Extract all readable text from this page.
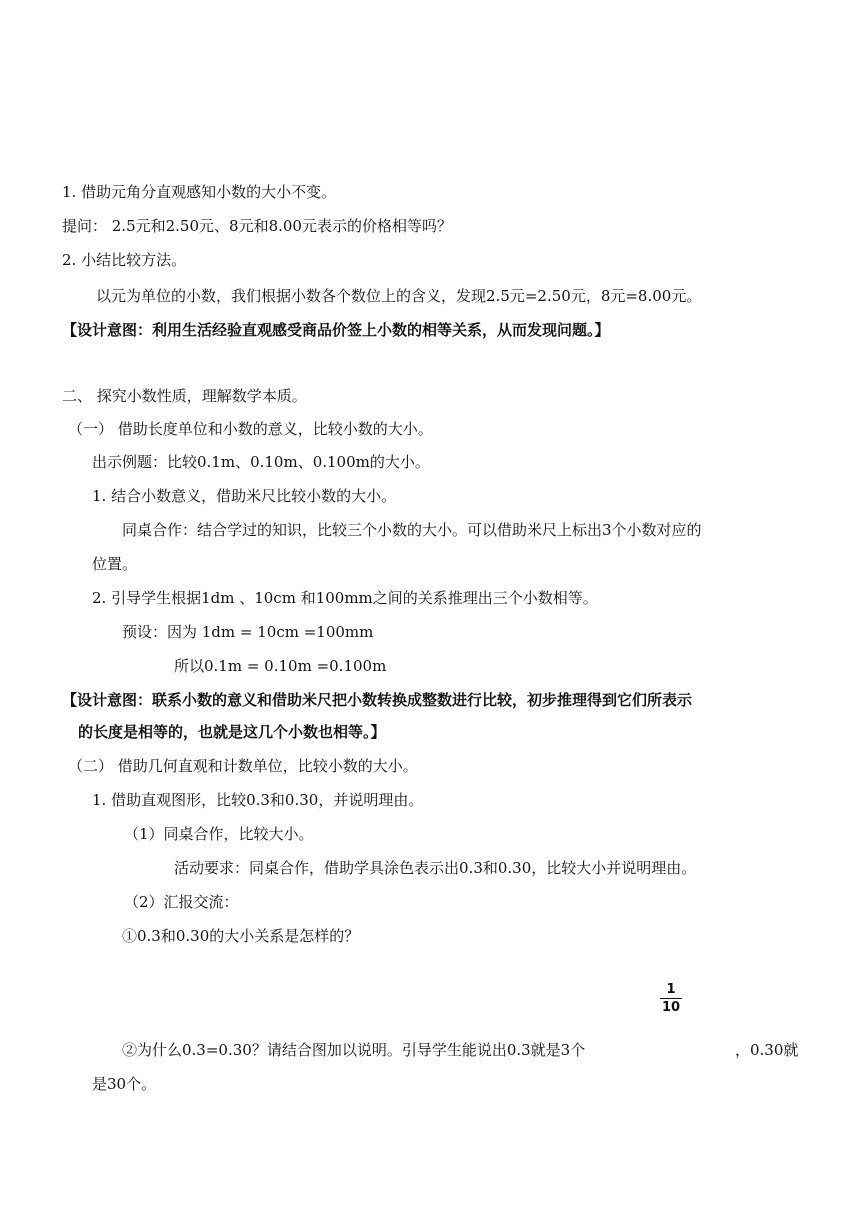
1. 借助元角分直观感知小数的大小不变。
提问： 2.5元和2.50元、8元和8.00元表示的价格相等吗？
2. 小结比较方法。
以元为单位的小数，我们根据小数各个数位上的含义，发现2.5元=2.50元，8元=8.00元。
【设计意图：利用生活经验直观感受商品价签上小数的相等关系，从而发现问题。】
二、 探究小数性质，理解数学本质。
（一） 借助长度单位和小数的意义，比较小数的大小。
出示例题：比较0.1m、0.10m、0.100m的大小。
1. 结合小数意义，借助米尺比较小数的大小。
同桌合作：结合学过的知识，比较三个小数的大小。可以借助米尺上标出3个小数对应的
位置。
2. 引导学生根据1dm 、10cm 和100mm之间的关系推理出三个小数相等。
预设：因为 1dm = 10cm =100mm
所以0.1m = 0.10m =0.100m
【设计意图：联系小数的意义和借助米尺把小数转换成整数进行比较，初步推理得到它们所表示
的长度是相等的，也就是这几个小数也相等。】
（二） 借助几何直观和计数单位，比较小数的大小。
1. 借助直观图形，比较0.3和0.30，并说明理由。
（1）同桌合作，比较大小。
活动要求：同桌合作，借助学具涂色表示出0.3和0.30，比较大小并说明理由。
（2）汇报交流：
①0.3和0.30的大小关系是怎样的？
1
10
②为什么0.3=0.30？请结合图加以说明。引导学生能说出0.3就是3个	，0.30就
是30个。
